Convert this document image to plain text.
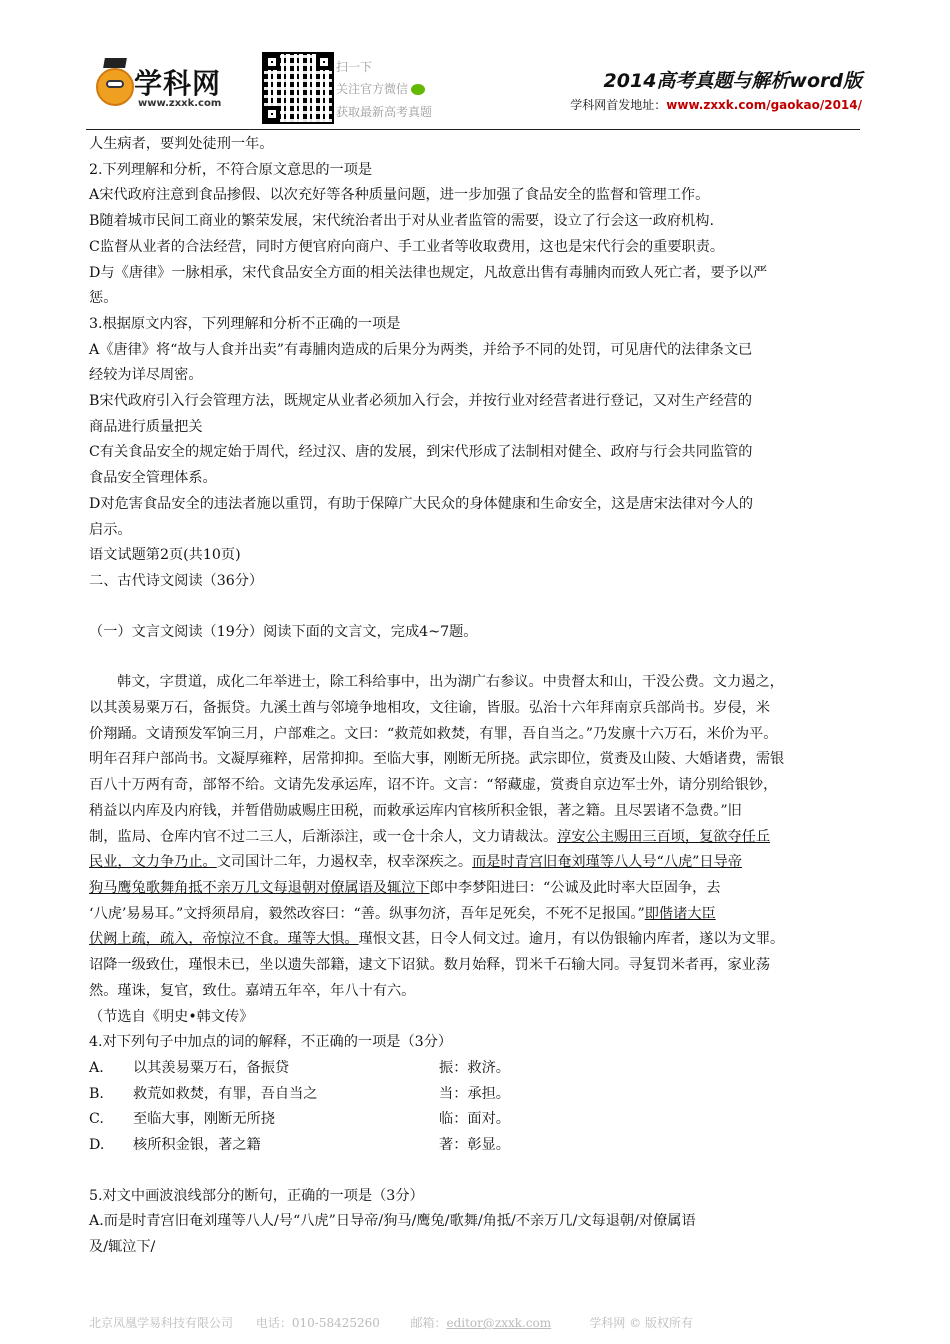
学科网
www.zxxk.com
扫一下
关注官方微信
获取最新高考真题
2014高考真题与解析word版
学科网首发地址：www.zxxk.com/gaokao/2014/

人生病者，要判处徒刑一年。

2.下列理解和分析，不符合原文意思的一项是

A宋代政府注意到食品掺假、以次充好等各种质量问题，进一步加强了食品安全的监督和管理工作。

B随着城市民间工商业的繁荣发展，宋代统治者出于对从业者监管的需要，设立了行会这一政府机构.

C监督从业者的合法经营，同时方便官府向商户、手工业者等收取费用，这也是宋代行会的重要职责。

D与《唐律》一脉相承，宋代食品安全方面的相关法律也规定，凡故意出售有毒脯肉而致人死亡者，要予以严

惩。

3.根据原文内容，下列理解和分析不正确的一项是

A《唐律》将“故与人食并出卖”有毒脯肉造成的后果分为两类，并给予不同的处罚，可见唐代的法律条文已

经较为详尽周密。

B宋代政府引入行会管理方法，既规定从业者必须加入行会，并按行业对经营者进行登记，又对生产经营的

商品进行质量把关

C有关食品安全的规定始于周代，经过汉、唐的发展，到宋代形成了法制相对健全、政府与行会共同监管的

食品安全管理体系。

D对危害食品安全的违法者施以重罚，有助于保障广大民众的身体健康和生命安全，这是唐宋法律对今人的

启示。

语文试题第2页(共10页)

二、古代诗文阅读（36分）

（一）文言文阅读（19分）阅读下面的文言文，完成4~7题。

韩文，字贯道，成化二年举进士，除工科给事中，出为湖广右参议。中贵督太和山，干没公费。文力遏之，

以其羡易粟万石，备振贷。九溪土酋与邻境争地相攻，文往谕，皆服。弘治十六年拜南京兵部尚书。岁侵，米

价翔踊。文请预发军饷三月，户部难之。文曰：“救荒如救焚，有罪，吾自当之。”乃发廪十六万石，米价为平。

明年召拜户部尚书。文凝厚雍粹，居常抑抑。至临大事，刚断无所挠。武宗即位，赏赉及山陵、大婚诸费，需银

百八十万两有奇，部帑不给。文请先发承运库，诏不许。文言：“帑藏虚，赏赉自京边军士外，请分别给银钞，

稍益以内库及内府钱，并暂借勋戚赐庄田税，而敕承运库内官核所积金银，著之籍。且尽罢诸不急费。”旧

制，监局、仓库内官不过二三人，后渐添注，或一仓十余人，文力请裁汰。淳安公主赐田三百顷，复欲夺任丘

民业，文力争乃止。文司国计二年，力遏权幸，权幸深疾之。而是时青宫旧奄刘瑾等八人号“八虎”日导帝

狗马鹰兔歌舞角抵不亲万几文每退朝对僚属语及辄泣下郎中李梦阳进曰：“公诚及此时率大臣固争，去

‘八虎’易易耳。”文捋须昂肩，毅然改容曰：“善。纵事勿济，吾年足死矣，不死不足报国。”即偕诸大臣

伏阙上疏，疏入，帝惊泣不食。瑾等大惧。瑾恨文甚，日令人伺文过。逾月，有以伪银输内库者，遂以为文罪。

诏降一级致仕，瑾恨未已，坐以遗失部籍，逮文下诏狱。数月始释，罚米千石输大同。寻复罚米者再，家业荡

然。瑾诛，复官，致仕。嘉靖五年卒，年八十有六。

（节选自《明史•韩文传》

4.对下列句子中加点的词的解释，不正确的一项是（3分）

A.	以其羡易粟万石，备振贷	振：救济。
B.	救荒如救焚，有罪，吾自当之	当：承担。
C.	至临大事，刚断无所挠	临：面对。
D.	核所积金银，著之籍	著：彰显。

5.对文中画波浪线部分的断句，正确的一项是（3分）

A.而是时青宫旧奄刘瑾等八人/号“八虎”日导帝/狗马/鹰兔/歌舞/角抵/不亲万几/文每退朝/对僚属语

及/辄泣下/

北京凤凰学易科技有限公司 电话：010-58425260	邮箱：editor@zxxk.com	学科网 © 版权所有
